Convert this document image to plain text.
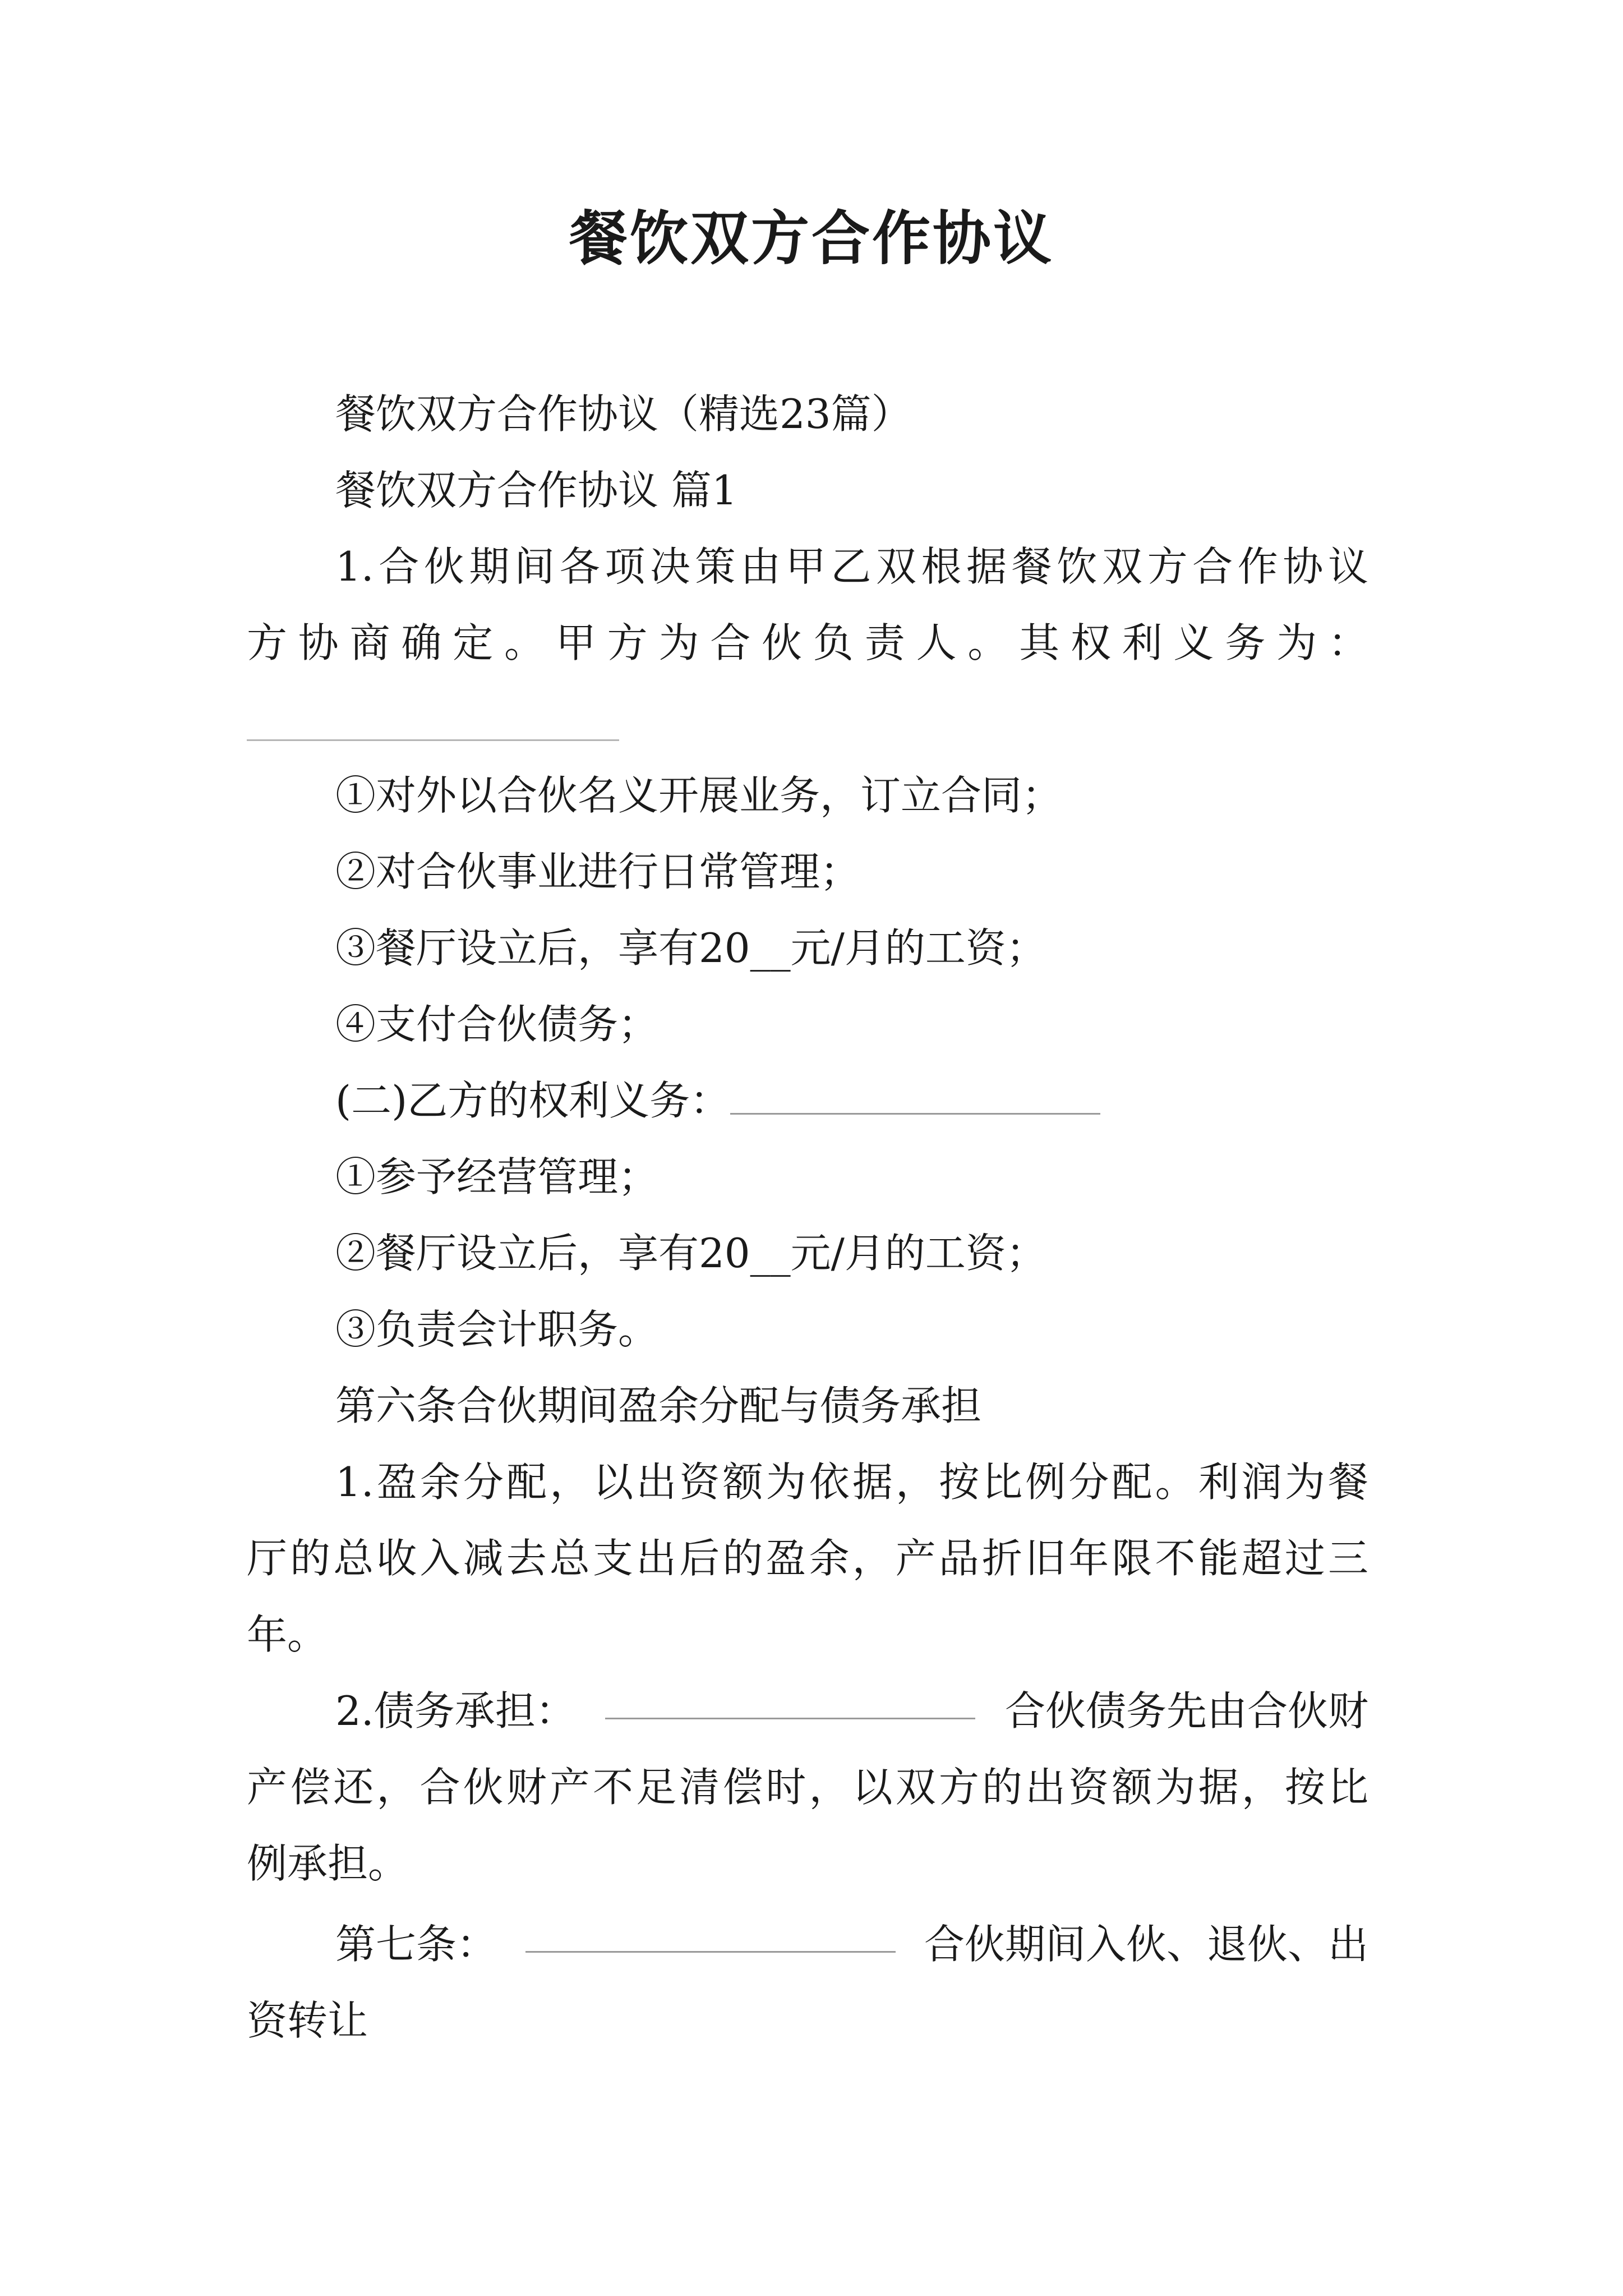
餐饮双方合作协议
餐饮双方合作协议（精选23篇）
餐饮双方合作协议 篇1
1.合伙期间各项决策由甲乙双根据餐饮双方合作协议
方协商确定。甲方为合伙负责人。其权利义务为：
①对外以合伙名义开展业务，订立合同；
②对合伙事业进行日常管理；
③餐厅设立后，享有20__元/月的工资；
④支付合伙债务；
(二)乙方的权利义务：
①参予经营管理；
②餐厅设立后，享有20__元/月的工资；
③负责会计职务。
第六条合伙期间盈余分配与债务承担
1.盈余分配，以出资额为依据，按比例分配。利润为餐
厅的总收入减去总支出后的盈余，产品折旧年限不能超过三
年。
2.债务承担：	合伙债务先由合伙财
产偿还，合伙财产不足清偿时，以双方的出资额为据，按比
例承担。
第七条：	合伙期间入伙、退伙、出
资转让
